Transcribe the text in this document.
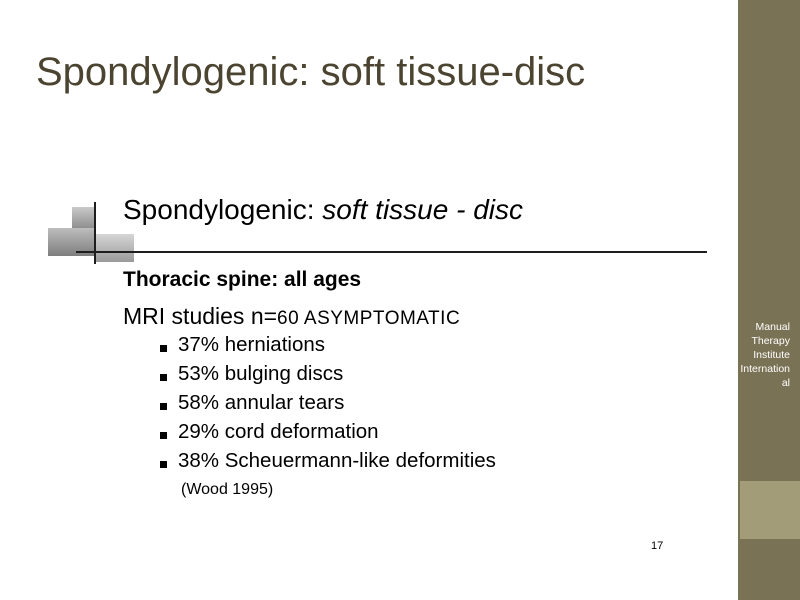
Spondylogenic: soft tissue-disc
Manual Therapy Institute International
Spondylogenic: soft tissue - disc
Thoracic spine: all ages
MRI studies n=60 ASYMPTOMATIC
37% herniations
53% bulging discs
58% annular tears
29% cord deformation
38% Scheuermann-like deformities
(Wood 1995)
17
